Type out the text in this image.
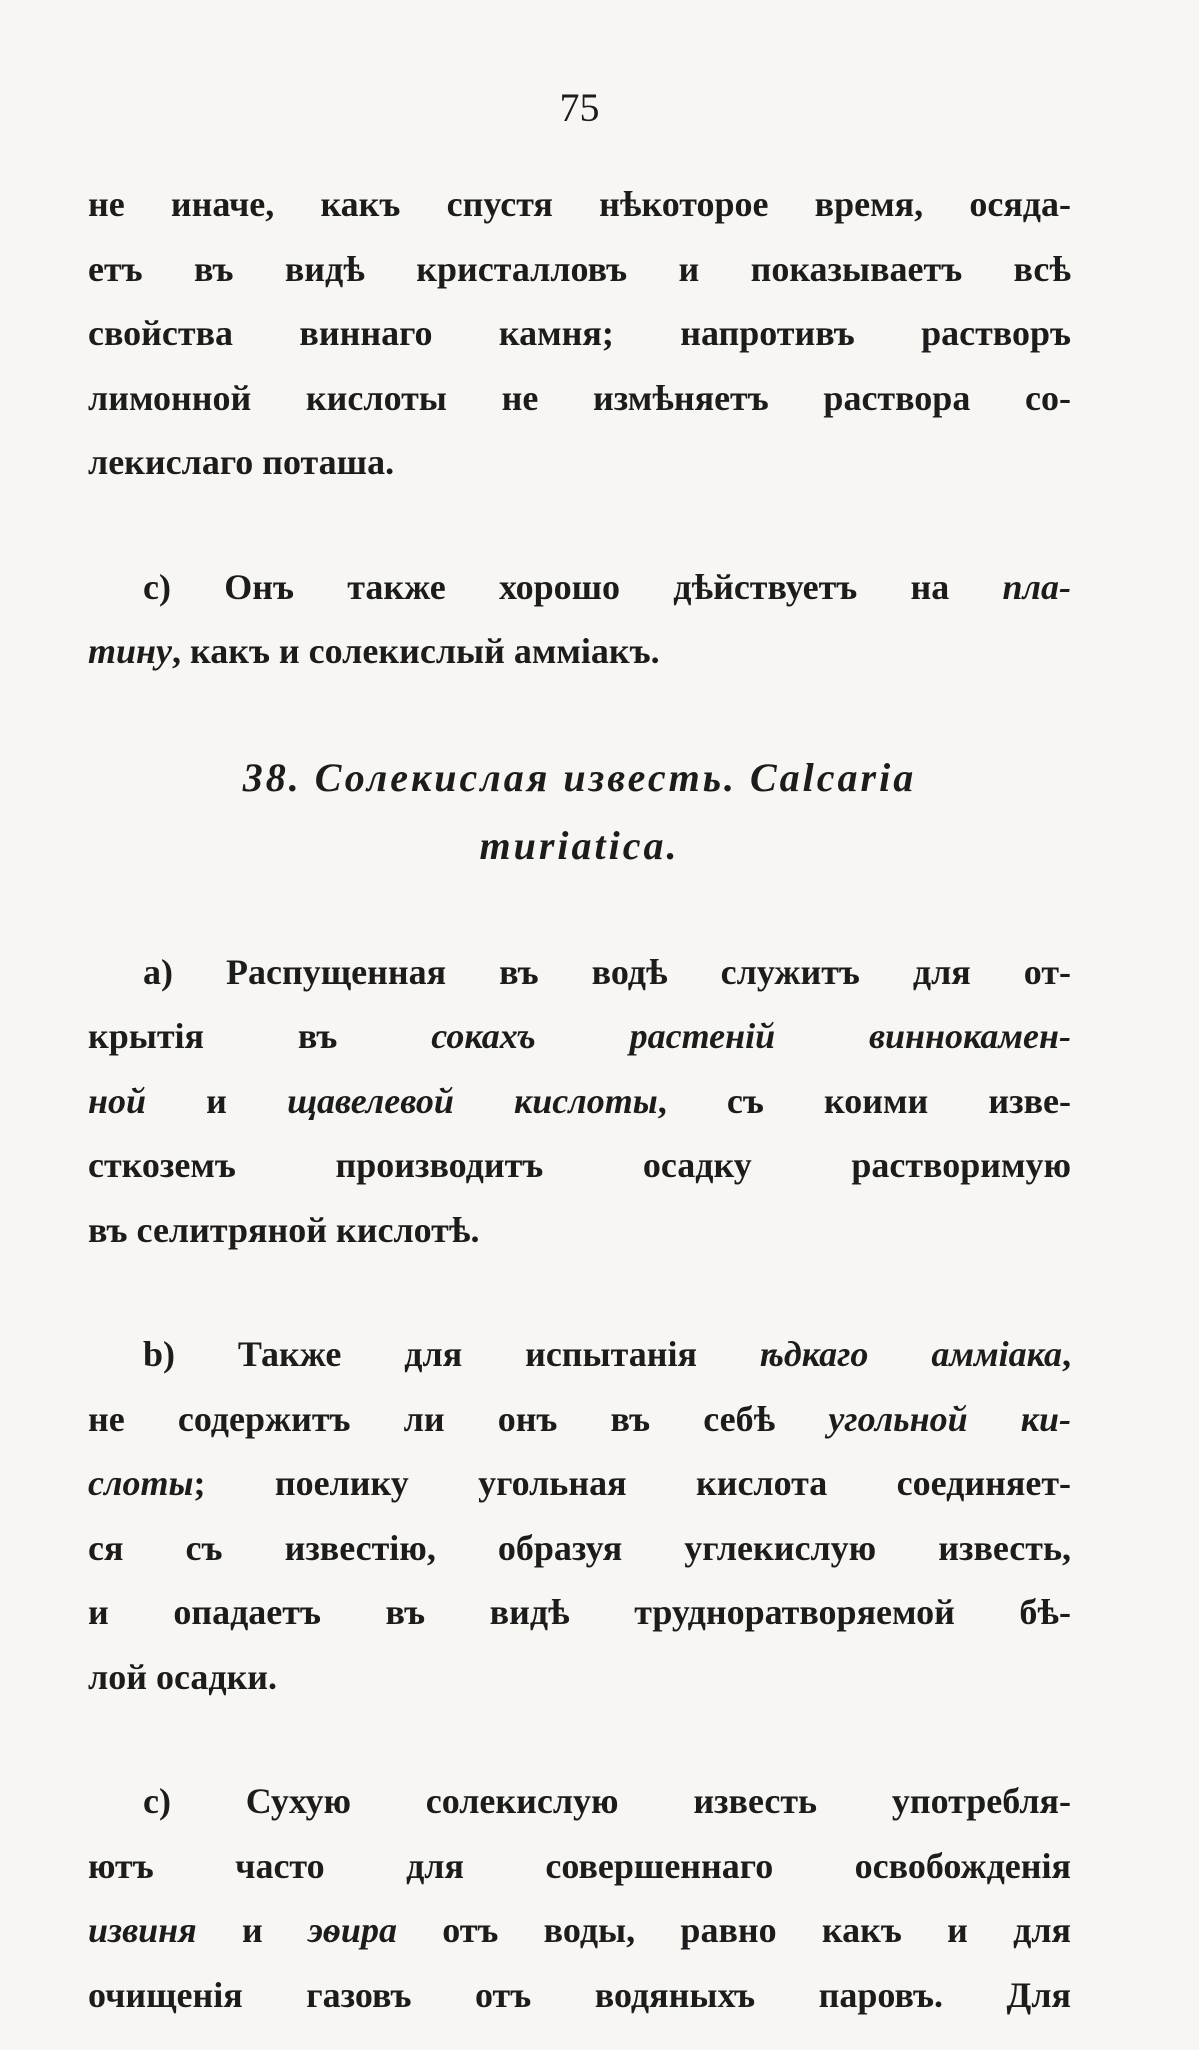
75
не иначе, какъ спустя нѣкоторое время, осяда-
етъ въ видѣ кристалловъ и показываетъ всѣ
свойства виннаго камня; напротивъ растворъ
лимонной кислоты не измѣняетъ раствора со-
лекислаго поташа.
c) Онъ также хорошо дѣйствуетъ на пла-
тину, какъ и солекислый амміакъ.
38. Солекислая известь. Calcaria
muriatica.
a) Распущенная въ водѣ служитъ для от-
крытія въ сокахъ растеній виннокамен-
ной и щавелевой кислоты, съ коими изве-
сткоземъ производитъ осадку растворимую
въ селитряной кислотѣ.
b) Также для испытанія ѣдкаго амміака,
не содержитъ ли онъ въ себѣ угольной ки-
слоты; поелику угольная кислота соединяет-
ся съ известію, образуя углекислую известь,
и опадаетъ въ видѣ трудноратворяемой бѣ-
лой осадки.
c) Сухую солекислую известь употребля-
ютъ часто для совершеннаго освобожденія
извиня и эѳира отъ воды, равно какъ и для
очищенія газовъ отъ водяныхъ паровъ. Для
